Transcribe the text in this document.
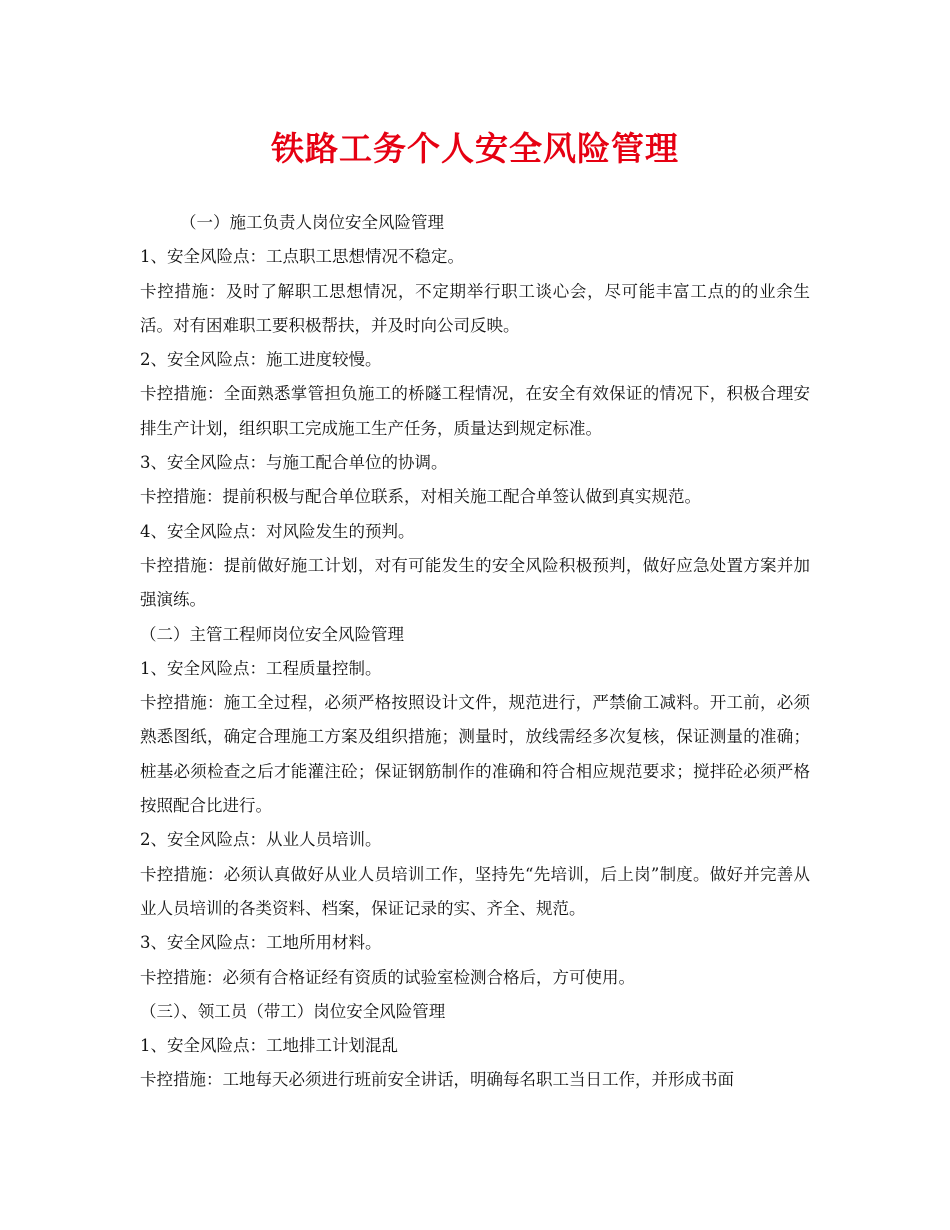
铁路工务个人安全风险管理

（一）施工负责人岗位安全风险管理

1、安全风险点：工点职工思想情况不稳定。

卡控措施：及时了解职工思想情况，不定期举行职工谈心会，尽可能丰富工点的的业余生活。对有困难职工要积极帮扶，并及时向公司反映。

2、安全风险点：施工进度较慢。

卡控措施：全面熟悉掌管担负施工的桥隧工程情况，在安全有效保证的情况下，积极合理安排生产计划，组织职工完成施工生产任务，质量达到规定标准。

3、安全风险点：与施工配合单位的协调。

卡控措施：提前积极与配合单位联系，对相关施工配合单签认做到真实规范。

4、安全风险点：对风险发生的预判。

卡控措施：提前做好施工计划，对有可能发生的安全风险积极预判，做好应急处置方案并加强演练。

（二）主管工程师岗位安全风险管理

1、安全风险点：工程质量控制。

卡控措施：施工全过程，必须严格按照设计文件，规范进行，严禁偷工减料。开工前，必须熟悉图纸，确定合理施工方案及组织措施；测量时，放线需经多次复核，保证测量的准确；桩基必须检查之后才能灌注砼；保证钢筋制作的准确和符合相应规范要求；搅拌砼必须严格按照配合比进行。

2、安全风险点：从业人员培训。

卡控措施：必须认真做好从业人员培训工作，坚持先“先培训，后上岗”制度。做好并完善从业人员培训的各类资料、档案，保证记录的实、齐全、规范。

3、安全风险点：工地所用材料。

卡控措施：必须有合格证经有资质的试验室检测合格后，方可使用。

（三）、领工员（带工）岗位安全风险管理

1、安全风险点：工地排工计划混乱

卡控措施：工地每天必须进行班前安全讲话，明确每名职工当日工作，并形成书面
